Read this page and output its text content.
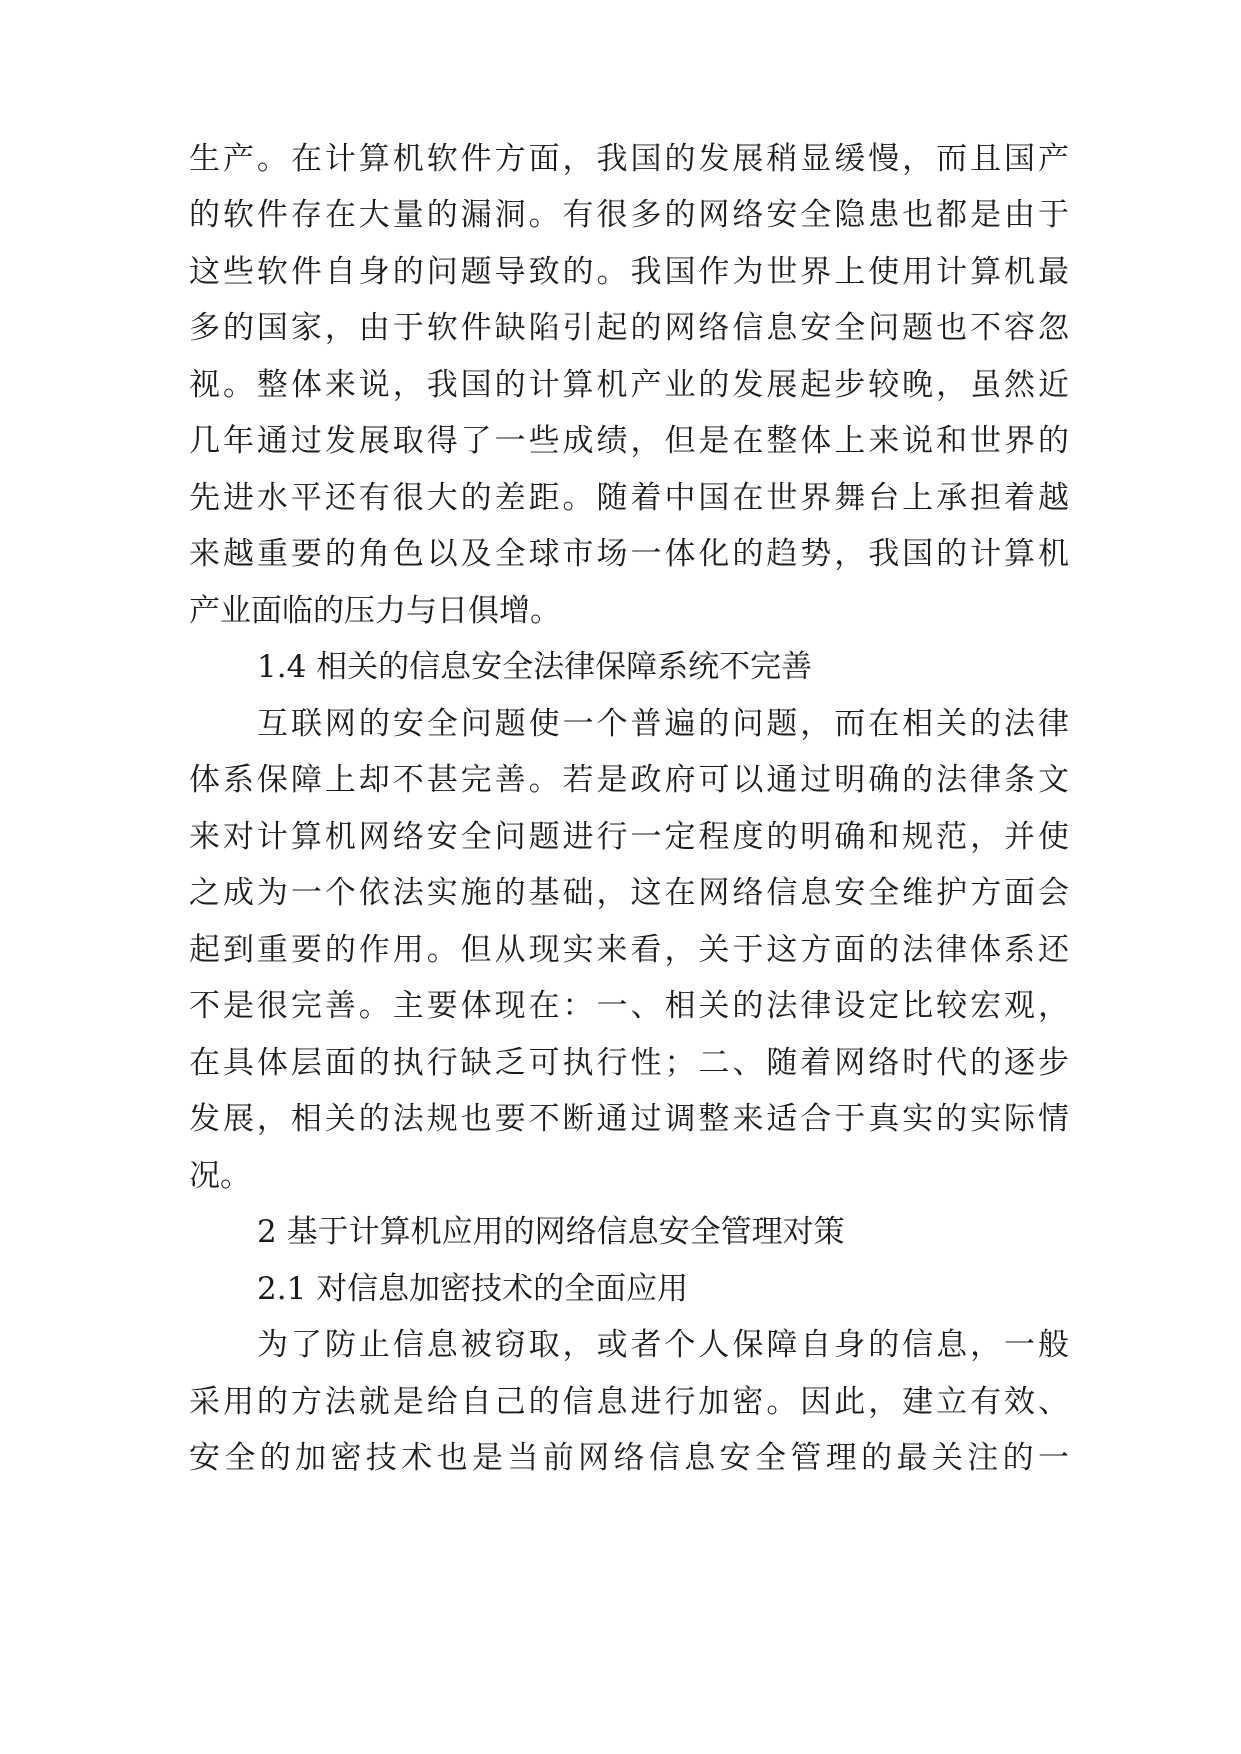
生产。在计算机软件方面，我国的发展稍显缓慢，而且国产
的软件存在大量的漏洞。有很多的网络安全隐患也都是由于
这些软件自身的问题导致的。我国作为世界上使用计算机最
多的国家，由于软件缺陷引起的网络信息安全问题也不容忽
视。整体来说，我国的计算机产业的发展起步较晚，虽然近
几年通过发展取得了一些成绩，但是在整体上来说和世界的
先进水平还有很大的差距。随着中国在世界舞台上承担着越
来越重要的角色以及全球市场一体化的趋势，我国的计算机
产业面临的压力与日俱增。
1.4 相关的信息安全法律保障系统不完善
互联网的安全问题使一个普遍的问题，而在相关的法律
体系保障上却不甚完善。若是政府可以通过明确的法律条文
来对计算机网络安全问题进行一定程度的明确和规范，并使
之成为一个依法实施的基础，这在网络信息安全维护方面会
起到重要的作用。但从现实来看，关于这方面的法律体系还
不是很完善。主要体现在：一、相关的法律设定比较宏观，
在具体层面的执行缺乏可执行性；二、随着网络时代的逐步
发展，相关的法规也要不断通过调整来适合于真实的实际情
况。
2 基于计算机应用的网络信息安全管理对策
2.1 对信息加密技术的全面应用
为了防止信息被窃取，或者个人保障自身的信息，一般
采用的方法就是给自己的信息进行加密。因此，建立有效、
安全的加密技术也是当前网络信息安全管理的最关注的一
